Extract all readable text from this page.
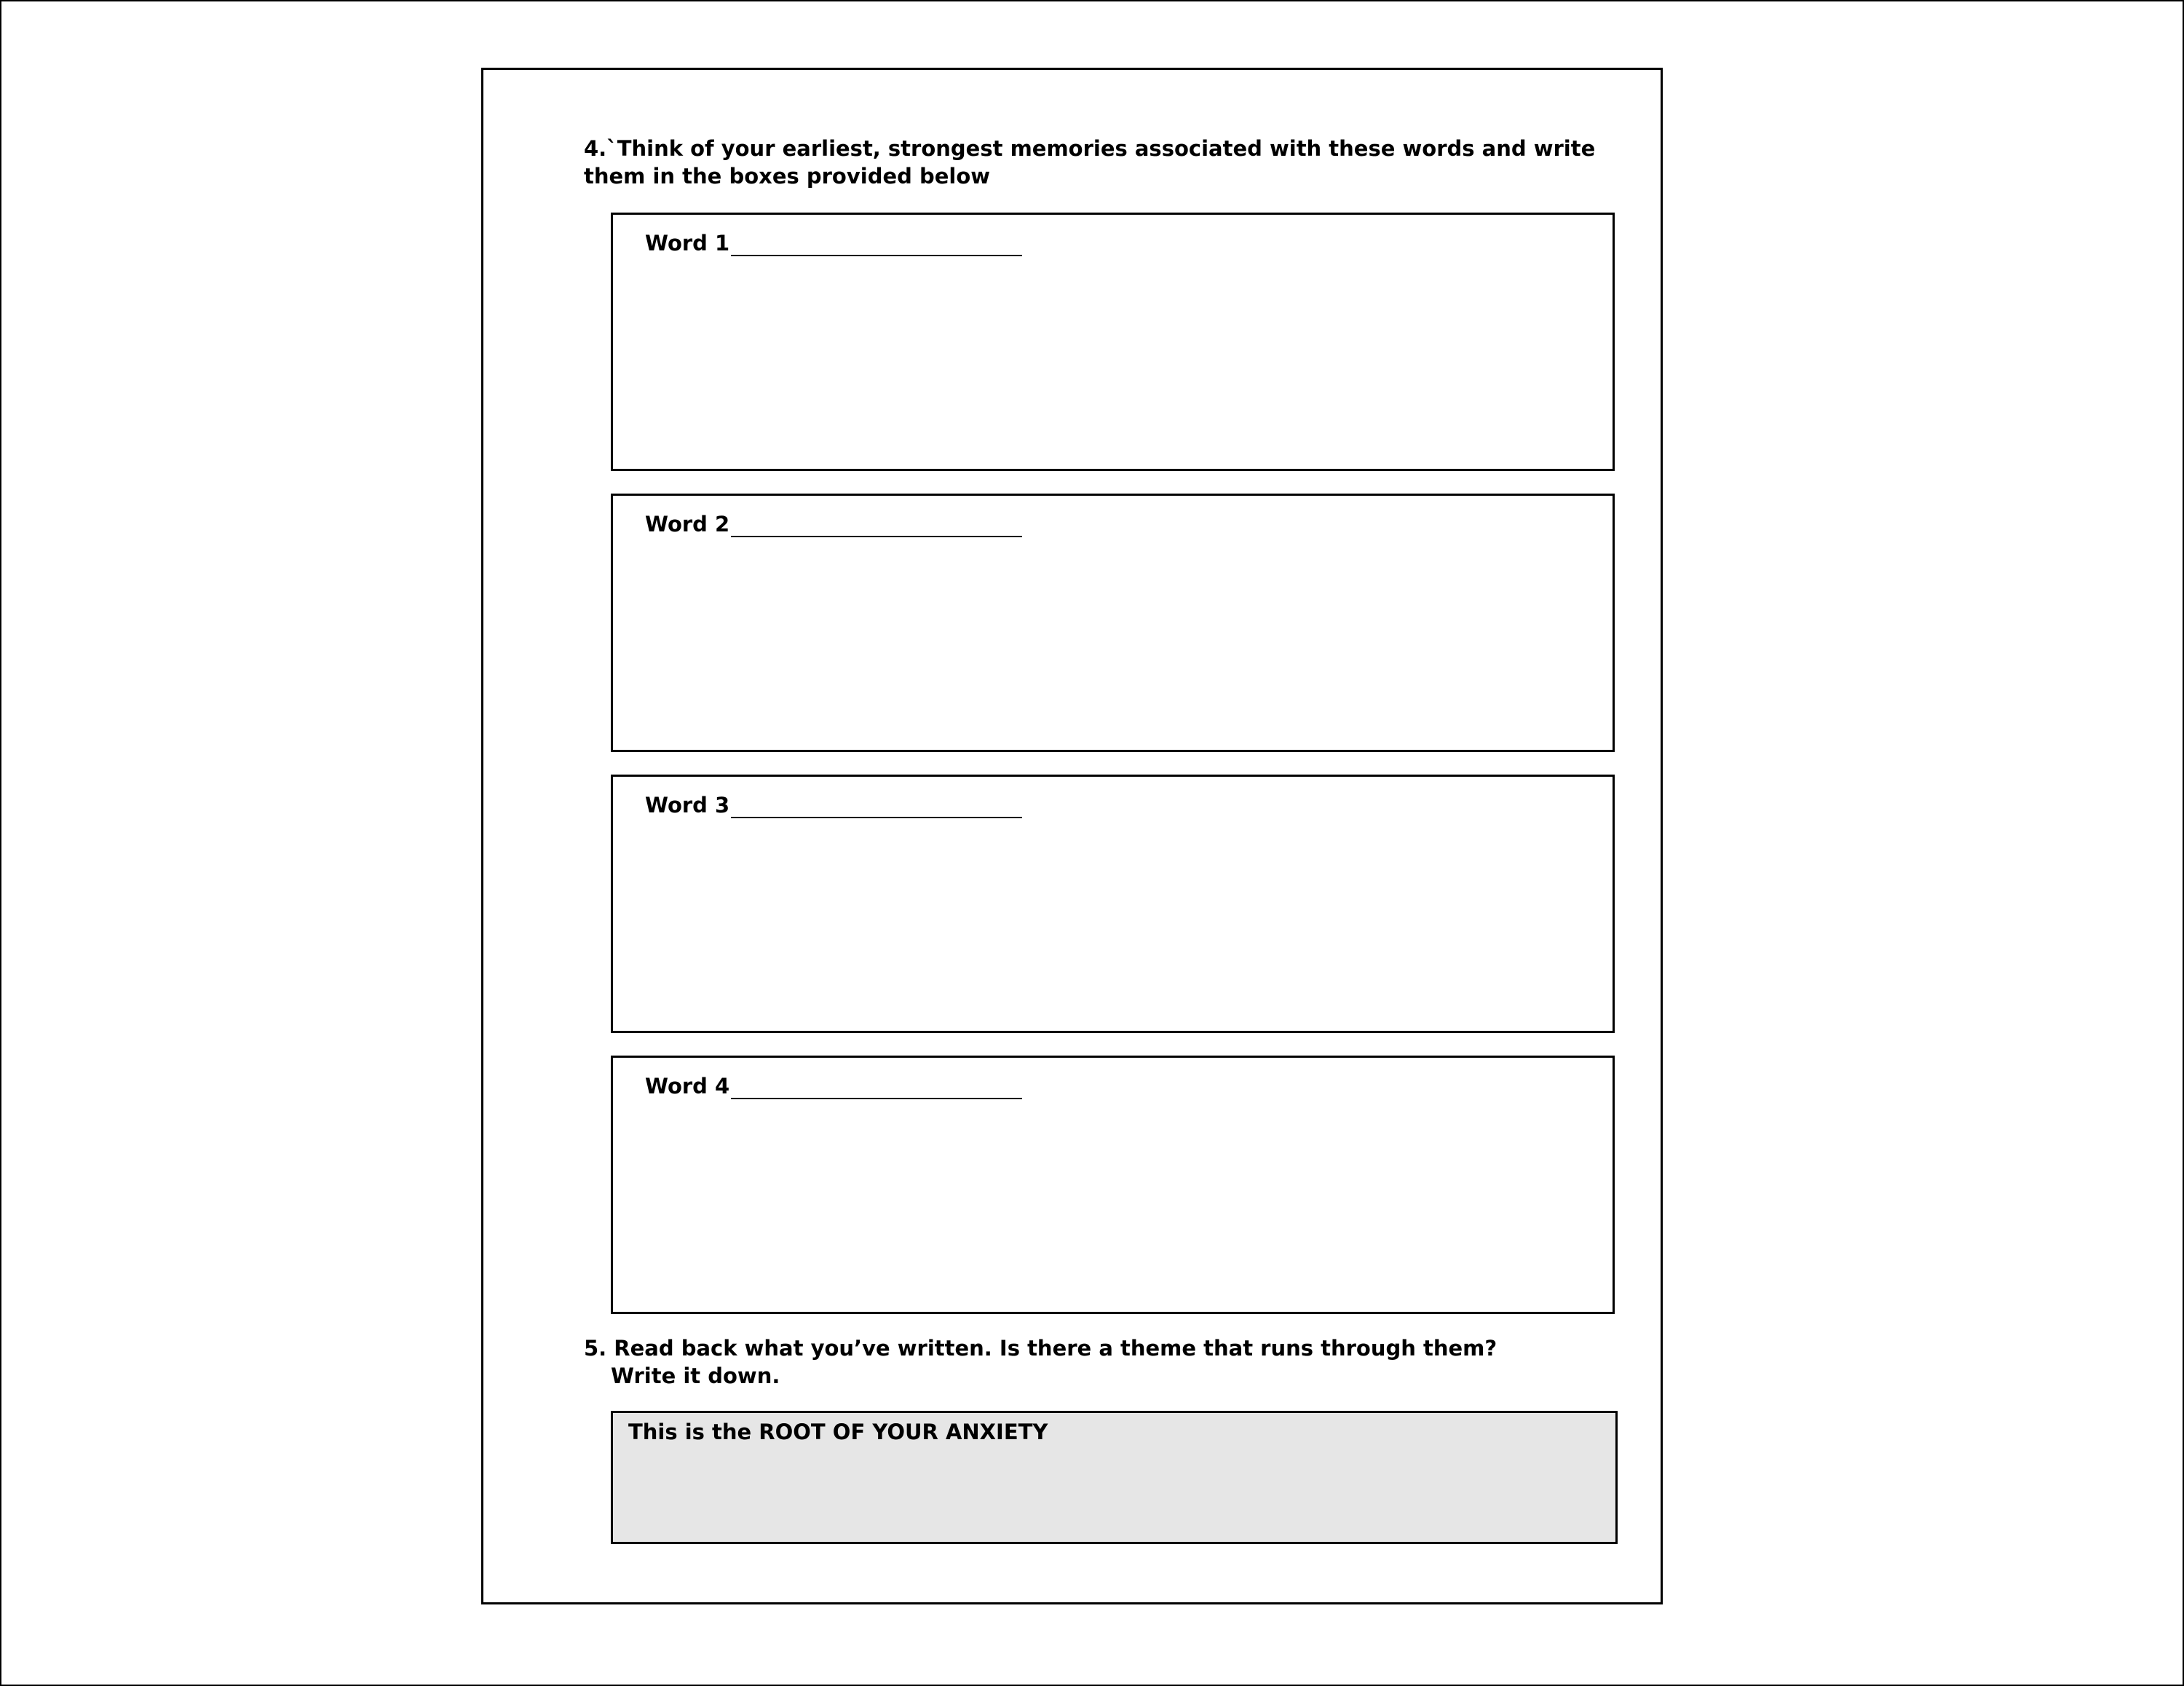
4.`Think of your earliest, strongest memories associated with these words and write
them in the boxes provided below
Word 1
Word 2
Word 3
Word 4
5. Read back what you’ve written. Is there a theme that runs through them?
Write it down.
This is the ROOT OF YOUR ANXIETY
